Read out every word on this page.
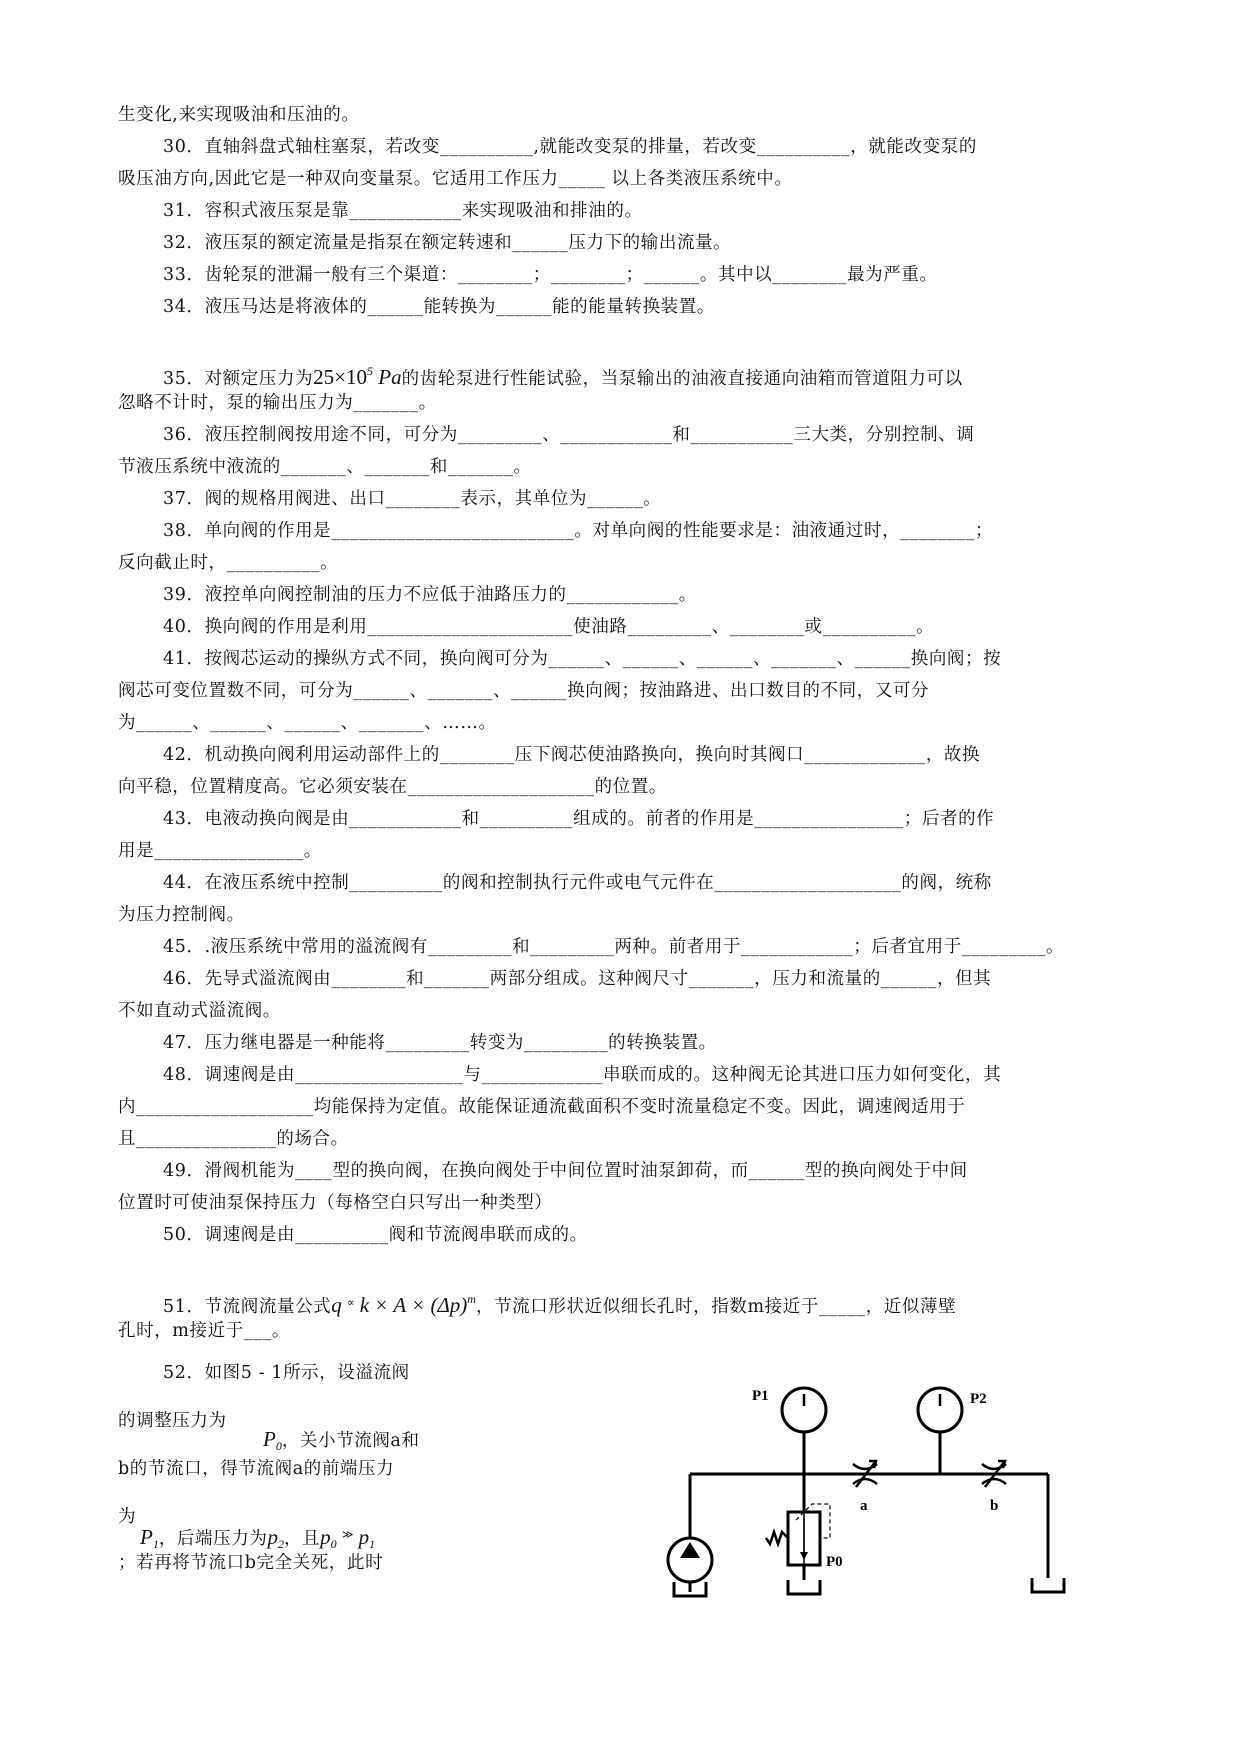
生变化,来实现吸油和压油的。
30．直轴斜盘式轴柱塞泵，若改变__________,就能改变泵的排量，若改变__________，就能改变泵的
吸压油方向,因此它是一种双向变量泵。它适用工作压力_____ 以上各类液压系统中。
31．容积式液压泵是靠____________来实现吸油和排油的。
32．液压泵的额定流量是指泵在额定转速和______压力下的输出流量。
33．齿轮泵的泄漏一般有三个渠道：________；________；______。其中以________最为严重。
34．液压马达是将液体的______能转换为______能的能量转换装置。
忽略不计时，泵的输出压力为_______。
36．液压控制阀按用途不同，可分为_________、____________和___________三大类，分别控制、调
节液压系统中液流的_______、_______和_______。
37．阀的规格用阀进、出口________表示，其单位为______。
38．单向阀的作用是__________________________。对单向阀的性能要求是：油液通过时，________；
反向截止时，__________。
39．液控单向阀控制油的压力不应低于油路压力的____________。
40．换向阀的作用是利用______________________使油路_________、________或__________。
41．按阀芯运动的操纵方式不同，换向阀可分为______、______、______、_______、______换向阀；按
阀芯可变位置数不同，可分为______、_______、______换向阀；按油路进、出口数目的不同，又可分
为______、______、______、_______、……。
42．机动换向阀利用运动部件上的________压下阀芯使油路换向，换向时其阀口_____________，故换
向平稳，位置精度高。它必须安装在____________________的位置。
43．电液动换向阀是由____________和__________组成的。前者的作用是________________；后者的作
用是________________。
44．在液压系统中控制__________的阀和控制执行元件或电气元件在____________________的阀，统称
为压力控制阀。
45．.液压系统中常用的溢流阀有_________和_________两种。前者用于____________；后者宜用于_________。
46．先导式溢流阀由________和_______两部分组成。这种阀尺寸_______，压力和流量的______，但其
不如直动式溢流阀。
47．压力继电器是一种能将_________转变为_________的转换装置。
48．调速阀是由__________________与_____________串联而成的。这种阀无论其进口压力如何变化，其
内___________________均能保持为定值。故能保证通流截面积不变时流量稳定不变。因此，调速阀适用于
且_______________的场合。
49．滑阀机能为____型的换向阀，在换向阀处于中间位置时油泵卸荷，而______型的换向阀处于中间
位置时可使油泵保持压力（每格空白只写出一种类型）
50．调速阀是由__________阀和节流阀串联而成的。
孔时，m接近于___。
52．如图5 - 1所示，设溢流阀
的调整压力为
b的节流口，得节流阀a的前端压力
为
；若再将节流口b完全关死，此时
35．对额定压力为$25\times 10^5$ Pa的齿轮泵进行性能试验，当泵输出的油液直接通向油箱而管道阻力可以
51．节流阀流量公式q ∝ $k \times A \times (\Delta p)^m$，节流口形状近似细长孔时，指数m接近于_____，近似薄壁
$P_0$，关小节流阀a和
$P_1$，后端压力为$p_2$，且$p_0$ ≫ $p_1$
P1	P2
P0
a	b
